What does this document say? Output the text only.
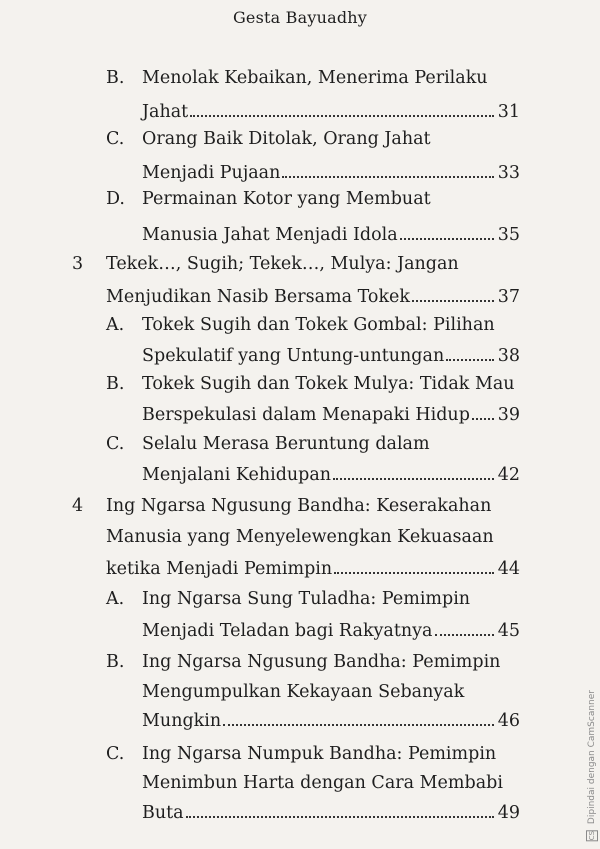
Gesta Bayuadhy
B. Menolak Kebaikan, Menerima Perilaku
Jahat	31
C. Orang Baik Ditolak, Orang Jahat
Menjadi Pujaan	33
D. Permainan Kotor yang Membuat
Manusia Jahat Menjadi Idola	35
3 Tekek…, Sugih; Tekek…, Mulya: Jangan
Menjudikan Nasib Bersama Tokek	37
A. Tokek Sugih dan Tokek Gombal: Pilihan
Spekulatif yang Untung-untungan	38
B. Tokek Sugih dan Tokek Mulya: Tidak Mau
Berspekulasi dalam Menapaki Hidup 39
C. Selalu Merasa Beruntung dalam
Menjalani Kehidupan	42
4 Ing Ngarsa Ngusung Bandha: Keserakahan
Manusia yang Menyelewengkan Kekuasaan
ketika Menjadi Pemimpin	44
A. Ing Ngarsa Sung Tuladha: Pemimpin
Menjadi Teladan bagi Rakyatnya	45
B. Ing Ngarsa Ngusung Bandha: Pemimpin
Mengumpulkan Kekayaan Sebanyak
Mungkin	46
C. Ing Ngarsa Numpuk Bandha: Pemimpin
Menimbun Harta dengan Cara Membabi
Buta	49
CS Dipindai dengan CamScanner
